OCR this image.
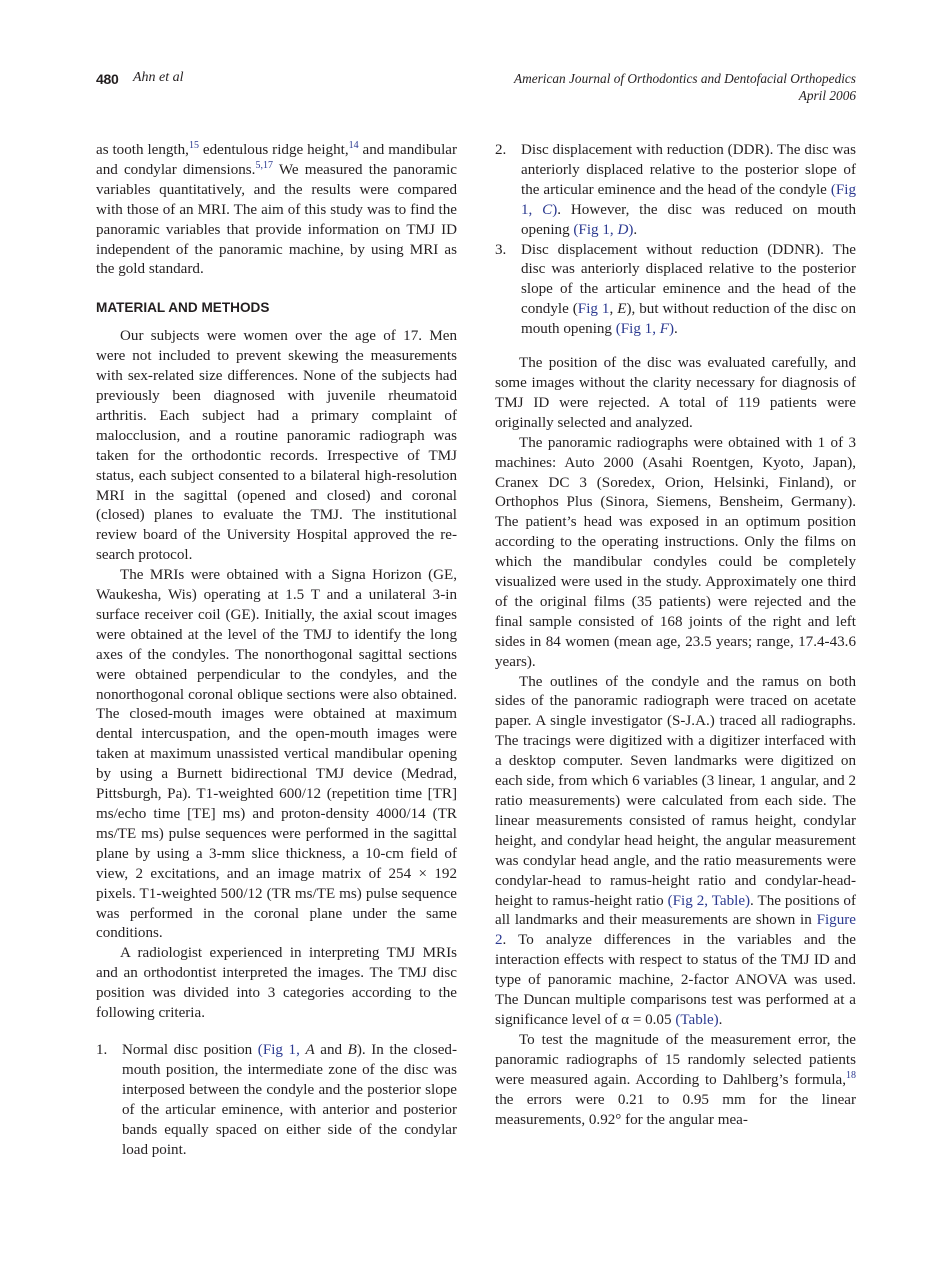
480 Ahn et al	American Journal of Orthodontics and Dentofacial Orthopedics
April 2006

as tooth length,$^{15}$ edentulous ridge height,$^{14}$ and mandibular and condylar dimensions.$^{5,17}$ We measured the panoramic variables quantitatively, and the results were compared with those of an MRI. The aim of this study was to find the panoramic variables that provide information on TMJ ID independent of the panoramic machine, by using MRI as the gold standard.

MATERIAL AND METHODS

Our subjects were women over the age of 17. Men were not included to prevent skewing the measurements with sex-related size differences. None of the subjects had previously been diagnosed with juvenile rheumatoid arthritis. Each subject had a primary complaint of malocclusion, and a routine panoramic radiograph was taken for the orthodontic records. Irrespective of TMJ status, each subject consented to a bilateral high-resolution MRI in the sagittal (opened and closed) and coronal (closed) planes to evaluate the TMJ. The institutional review board of the University Hospital approved the research protocol.

The MRIs were obtained with a Signa Horizon (GE, Waukesha, Wis) operating at 1.5 T and a unilateral 3-in surface receiver coil (GE). Initially, the axial scout images were obtained at the level of the TMJ to identify the long axes of the condyles. The nonorthogonal sagittal sections were obtained perpendicular to the condyles, and the nonorthogonal coronal oblique sections were also obtained. The closed-mouth images were obtained at maximum dental intercuspation, and the open-mouth images were taken at maximum unassisted vertical mandibular opening by using a Burnett bidirectional TMJ device (Medrad, Pittsburgh, Pa). T1-weighted 600/12 (repetition time [TR] ms/echo time [TE] ms) and proton-density 4000/14 (TR ms/TE ms) pulse sequences were performed in the sagittal plane by using a 3-mm slice thickness, a 10-cm field of view, 2 excitations, and an image matrix of 254 × 192 pixels. T1-weighted 500/12 (TR ms/TE ms) pulse sequence was performed in the coronal plane under the same conditions.

A radiologist experienced in interpreting TMJ MRIs and an orthodontist interpreted the images. The TMJ disc position was divided into 3 categories according to the following criteria.

1. Normal disc position (Fig 1, A and B). In the closed-mouth position, the intermediate zone of the disc was interposed between the condyle and the posterior slope of the articular eminence, with anterior and posterior bands equally spaced on either side of the condylar load point.
2. Disc displacement with reduction (DDR). The disc was anteriorly displaced relative to the posterior slope of the articular eminence and the head of the condyle (Fig 1, C). However, the disc was reduced on mouth opening (Fig 1, D).
3. Disc displacement without reduction (DDNR). The disc was anteriorly displaced relative to the posterior slope of the articular eminence and the head of the condyle (Fig 1, E), but without reduction of the disc on mouth opening (Fig 1, F).

The position of the disc was evaluated carefully, and some images without the clarity necessary for diagnosis of TMJ ID were rejected. A total of 119 patients were originally selected and analyzed.

The panoramic radiographs were obtained with 1 of 3 machines: Auto 2000 (Asahi Roentgen, Kyoto, Japan), Cranex DC 3 (Soredex, Orion, Helsinki, Finland), or Orthophos Plus (Sinora, Siemens, Bensheim, Germany). The patient’s head was exposed in an optimum position according to the operating instructions. Only the films on which the mandibular condyles could be completely visualized were used in the study. Approximately one third of the original films (35 patients) were rejected and the final sample consisted of 168 joints of the right and left sides in 84 women (mean age, 23.5 years; range, 17.4-43.6 years).

The outlines of the condyle and the ramus on both sides of the panoramic radiograph were traced on acetate paper. A single investigator (S-J.A.) traced all radiographs. The tracings were digitized with a digitizer interfaced with a desktop computer. Seven landmarks were digitized on each side, from which 6 variables (3 linear, 1 angular, and 2 ratio measurements) were calculated from each side. The linear measurements consisted of ramus height, condylar height, and condylar head height, the angular measurement was condylar head angle, and the ratio measurements were condylar-head to ramus-height ratio and condylar-head-height to ramus-height ratio (Fig 2, Table). The positions of all landmarks and their measurements are shown in Figure 2. To analyze differences in the variables and the interaction effects with respect to status of the TMJ ID and type of panoramic machine, 2-factor ANOVA was used. The Duncan multiple comparisons test was performed at a significance level of α = 0.05 (Table).

To test the magnitude of the measurement error, the panoramic radiographs of 15 randomly selected patients were measured again. According to Dahlberg’s formula,$^{18}$ the errors were 0.21 to 0.95 mm for the linear measurements, 0.92° for the angular mea-
